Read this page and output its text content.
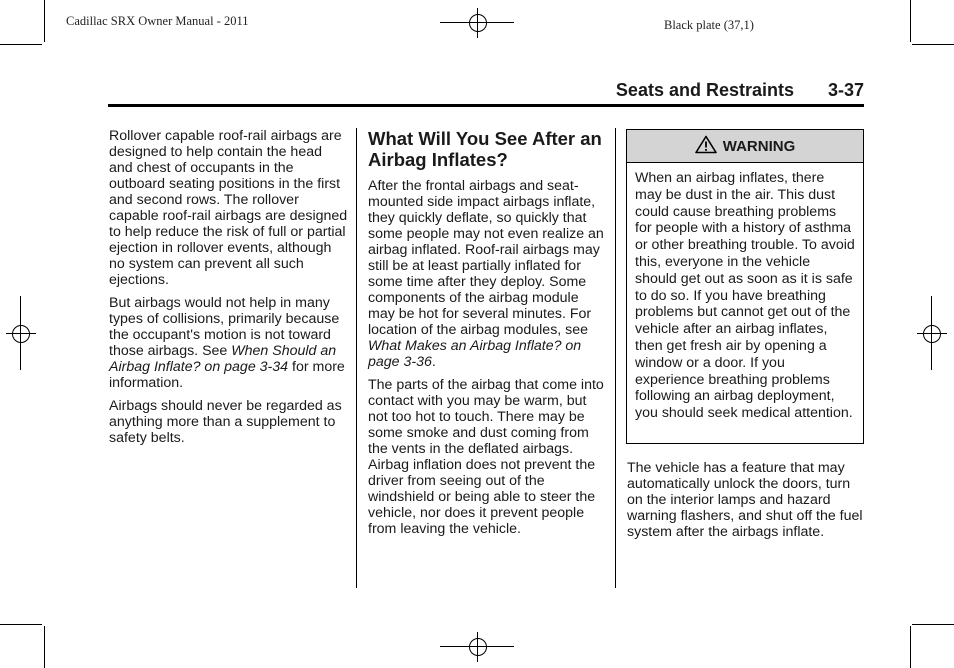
Cadillac SRX Owner Manual - 2011	Black plate (37,1)
Seats and Restraints 3-37

Rollover capable roof-rail airbags are designed to help contain the head and chest of occupants in the outboard seating positions in the first and second rows. The rollover capable roof-rail airbags are designed to help reduce the risk of full or partial ejection in rollover events, although no system can prevent all such ejections.

But airbags would not help in many types of collisions, primarily because the occupant's motion is not toward those airbags. See When Should an Airbag Inflate? on page 3-34 for more information.

Airbags should never be regarded as anything more than a supplement to safety belts.

What Will You See After an Airbag Inflates?

After the frontal airbags and seat-mounted side impact airbags inflate, they quickly deflate, so quickly that some people may not even realize an airbag inflated. Roof-rail airbags may still be at least partially inflated for some time after they deploy. Some components of the airbag module may be hot for several minutes. For location of the airbag modules, see What Makes an Airbag Inflate? on page 3-36.

The parts of the airbag that come into contact with you may be warm, but not too hot to touch. There may be some smoke and dust coming from the vents in the deflated airbags. Airbag inflation does not prevent the driver from seeing out of the windshield or being able to steer the vehicle, nor does it prevent people from leaving the vehicle.

WARNING
When an airbag inflates, there may be dust in the air. This dust could cause breathing problems for people with a history of asthma or other breathing trouble. To avoid this, everyone in the vehicle should get out as soon as it is safe to do so. If you have breathing problems but cannot get out of the vehicle after an airbag inflates, then get fresh air by opening a window or a door. If you experience breathing problems following an airbag deployment, you should seek medical attention.

The vehicle has a feature that may automatically unlock the doors, turn on the interior lamps and hazard warning flashers, and shut off the fuel system after the airbags inflate.
